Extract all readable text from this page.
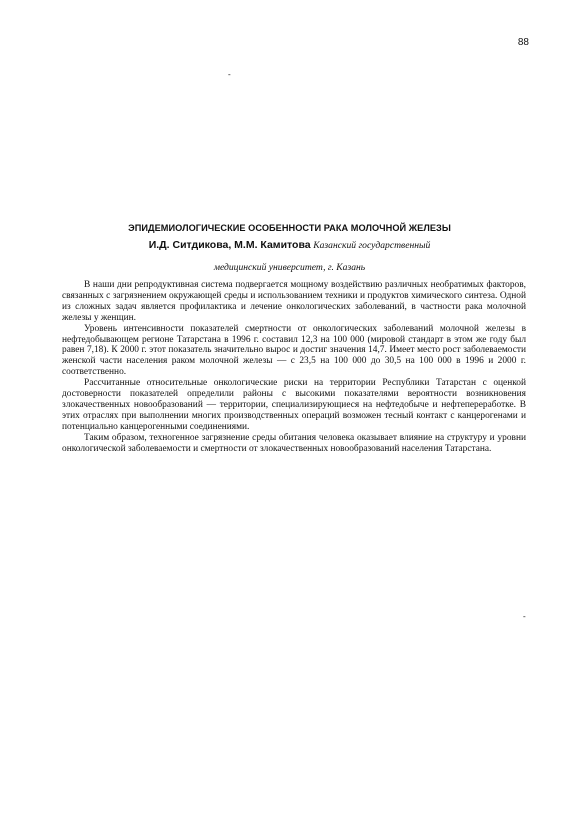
88
-
-
ЭПИДЕМИОЛОГИЧЕСКИЕ ОСОБЕННОСТИ РАКА МОЛОЧНОЙ ЖЕЛЕЗЫ
И.Д. Ситдикова, М.М. Камитова Казанский государственный
медицинский университет, г. Казань

В наши дни репродуктивная система подвергается мощному воздействию различных необратимых факторов, связанных с загрязнением окружающей среды и использованием техники и продуктов химического синтеза. Одной из сложных задач является профилактика и лечение онкологических заболеваний, в частности рака молочной железы у женщин.

Уровень интенсивности показателей смертности от онкологических заболеваний молочной железы в нефтедобывающем регионе Татарстана в 1996 г. составил 12,3 на 100 000 (мировой стандарт в этом же году был равен 7,18). К 2000 г. этот показатель значительно вырос и достиг значения 14,7. Имеет место рост заболеваемости женской части населения раком молочной железы — с 23,5 на 100 000 до 30,5 на 100 000 в 1996 и 2000 г. соответственно.

Рассчитанные относительные онкологические риски на территории Республики Татарстан с оценкой достоверности показателей определили районы с высокими показателями вероятности возникновения злокачественных новообразований — территории, специализирующиеся на нефтедобыче и нефтепереработке. В этих отраслях при выполнении многих производственных операций возможен тесный контакт с канцерогенами и потенциально канцерогенными соединениями.

Таким образом, техногенное загрязнение среды обитания человека оказывает влияние на структуру и уровни онкологической заболеваемости и смертности от злокачественных новообразований населения Татарстана.
